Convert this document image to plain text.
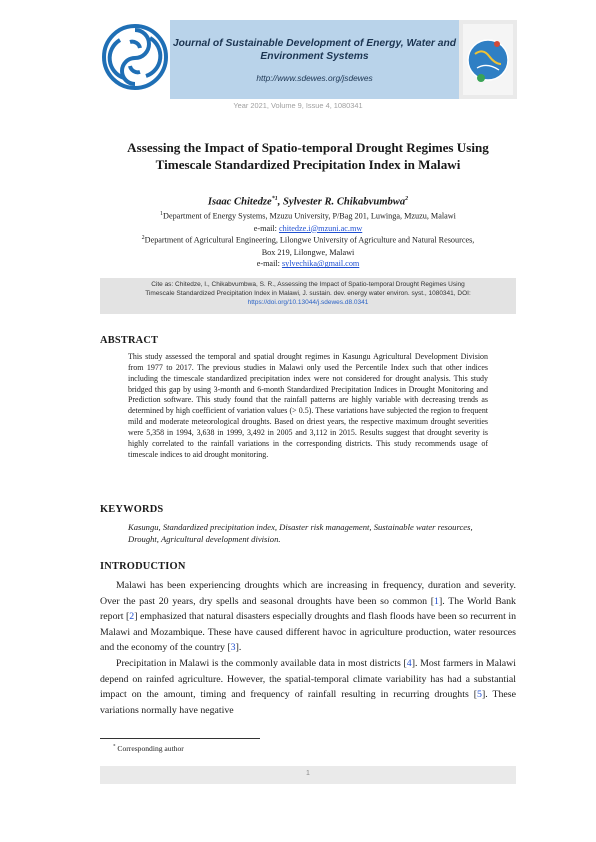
Journal of Sustainable Development of Energy, Water and Environment Systems
http://www.sdewes.org/jsdewes
Year 2021, Volume 9, Issue 4, 1080341
Assessing the Impact of Spatio-temporal Drought Regimes Using Timescale Standardized Precipitation Index in Malawi
Isaac Chitedze$^{*1}$, Sylvester R. Chikabvumbwa$^2$
$^1$Department of Energy Systems, Mzuzu University, P/Bag 201, Luwinga, Mzuzu, Malawi
e-mail: chitedze.i@mzuni.ac.mw
$^2$Department of Agricultural Engineering, Lilongwe University of Agriculture and Natural Resources,
Box 219, Lilongwe, Malawi
e-mail: sylvechika@gmail.com
Cite as: Chitedze, I., Chikabvumbwa, S. R., Assessing the Impact of Spatio-temporal Drought Regimes Using
Timescale Standardized Precipitation Index in Malawi, J. sustain. dev. energy water environ. syst., 1080341, DOI:
https://doi.org/10.13044/j.sdewes.d8.0341
ABSTRACT
This study assessed the temporal and spatial drought regimes in Kasungu Agricultural Development Division from 1977 to 2017. The previous studies in Malawi only used the Percentile Index such that other indices including the timescale standardized precipitation index were not considered for drought analysis. This study bridged this gap by using 3-month and 6-month Standardized Precipitation Indices in Drought Monitoring and Prediction software. This study found that the rainfall patterns are highly variable with decreasing trends as determined by high coefficient of variation values (> 0.5). These variations have subjected the region to frequent mild and moderate meteorological droughts. Based on driest years, the respective maximum drought severities were 5,358 in 1994, 3,638 in 1999, 3,492 in 2005 and 3,112 in 2015. Results suggest that drought severity is highly correlated to the rainfall variations in the corresponding districts. This study recommends usage of timescale indices to aid drought monitoring.
KEYWORDS
Kasungu, Standardized precipitation index, Disaster risk management, Sustainable water resources, Drought, Agricultural development division.
INTRODUCTION

Malawi has been experiencing droughts which are increasing in frequency, duration and severity. Over the past 20 years, dry spells and seasonal droughts have been so common [1]. The World Bank report [2] emphasized that natural disasters especially droughts and flash floods have been so recurrent in Malawi and Mozambique. These have caused different havoc in agriculture production, water resources and the economy of the country [3].

Precipitation in Malawi is the commonly available data in most districts [4]. Most farmers in Malawi depend on rainfed agriculture. However, the spatial-temporal climate variability has had a substantial impact on the amount, timing and frequency of rainfall resulting in recurring droughts [5]. These variations normally have negative

* Corresponding author
1
